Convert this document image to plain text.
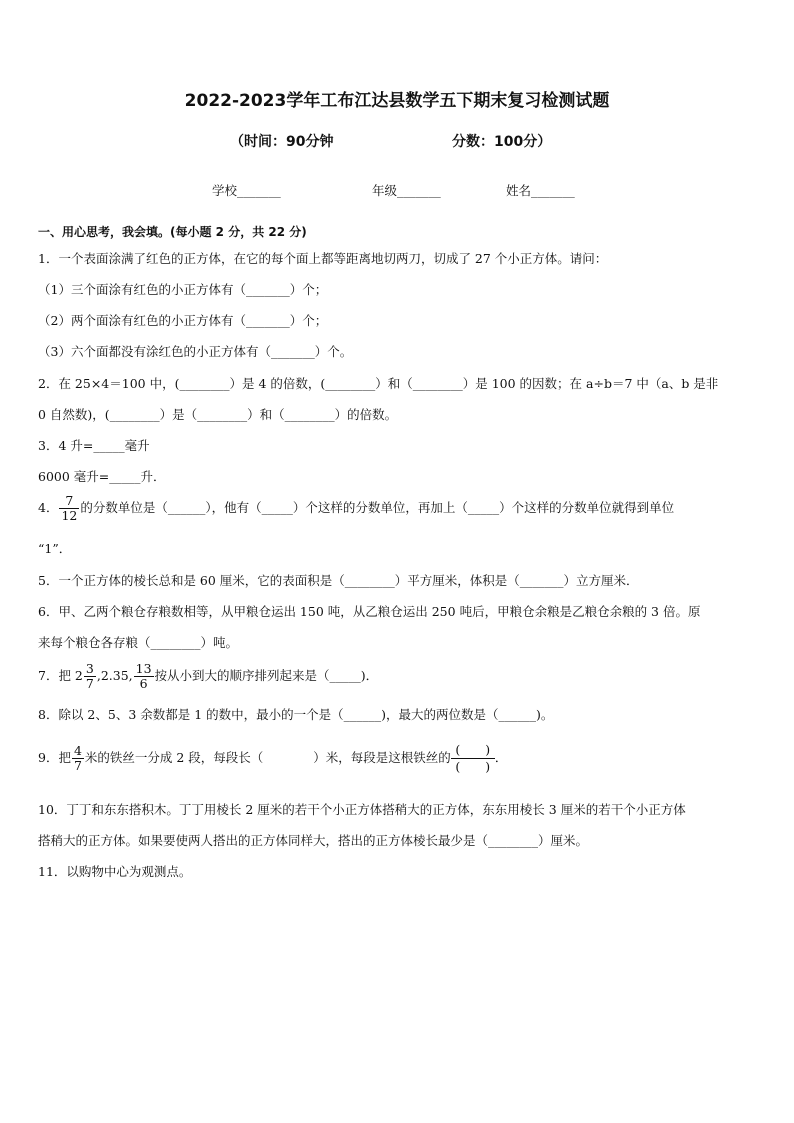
2022-2023学年工布江达县数学五下期末复习检测试题
（时间：90分钟	分数：100分）
学校_______	年级_______	姓名_______
一、用心思考，我会填。(每小题 2 分，共 22 分)
1．一个表面涂满了红色的正方体，在它的每个面上都等距离地切两刀，切成了 27 个小正方体。请问：
（1）三个面涂有红色的小正方体有（_______）个；
（2）两个面涂有红色的小正方体有（_______）个；
（3）六个面都没有涂红色的小正方体有（_______）个。
2．在 25×4＝100 中，(________）是 4 的倍数，(________）和（________）是 100 的因数；在 a÷b＝7 中（a、b 是非
0 自然数)，(________）是（________）和（________）的倍数。
3．4 升=_____毫升
6000 毫升=_____升．
4． $\frac{7}{12}$ 的分数单位是（______），他有（_____）个这样的分数单位，再加上（_____）个这样的分数单位就得到单位
“1”．
5．一个正方体的棱长总和是 60 厘米，它的表面积是（________）平方厘米，体积是（_______）立方厘米．
6．甲、乙两个粮仓存粮数相等，从甲粮仓运出 150 吨，从乙粮仓运出 250 吨后，甲粮仓余粮是乙粮仓余粮的 3 倍。原
来每个粮仓各存粮（________）吨。
7．把 $2 \frac{3}{7} ,2.35$, $\frac{13}{6}$ 按从小到大的顺序排列起来是（_____)．
8．除以 2、5、3 余数都是 1 的数中，最小的一个是（______)，最大的两位数是（______)。
9．把 $\frac{4}{7}$ 米的铁丝一分成 2 段，每段长（　　　　）米，每段是这根铁丝的 $\frac{( )}{( )}$．
10．丁丁和东东搭积木。丁丁用棱长 2 厘米的若干个小正方体搭稍大的正方体，东东用棱长 3 厘米的若干个小正方体
搭稍大的正方体。如果要使两人搭出的正方体同样大，搭出的正方体棱长最少是（________）厘米。
11．以购物中心为观测点。
